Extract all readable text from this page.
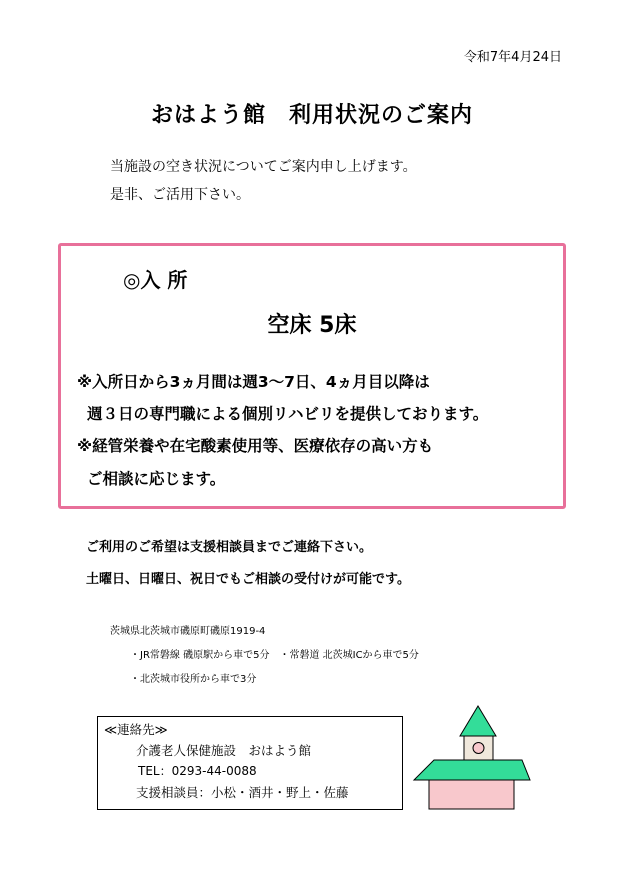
令和7年4月24日
おはよう館　利用状況のご案内
当施設の空き状況についてご案内申し上げます。
是非、ご活用下さい。
◎入 所
空床 5床
※入所日から3ヵ月間は週3～7日、4ヵ月目以降は
週３日の専門職による個別リハビリを提供しております。
※経管栄養や在宅酸素使用等、医療依存の高い方も
ご相談に応じます。
ご利用のご希望は支援相談員までご連絡下さい。
土曜日、日曜日、祝日でもご相談の受付けが可能です。
茨城県北茨城市磯原町磯原1919-4
・JR常磐線 磯原駅から車で5分　・常磐道 北茨城ICから車で5分
・北茨城市役所から車で3分
≪連絡先≫
介護老人保健施設　おはよう館
TEL：0293-44-0088
支援相談員：小松・酒井・野上・佐藤
